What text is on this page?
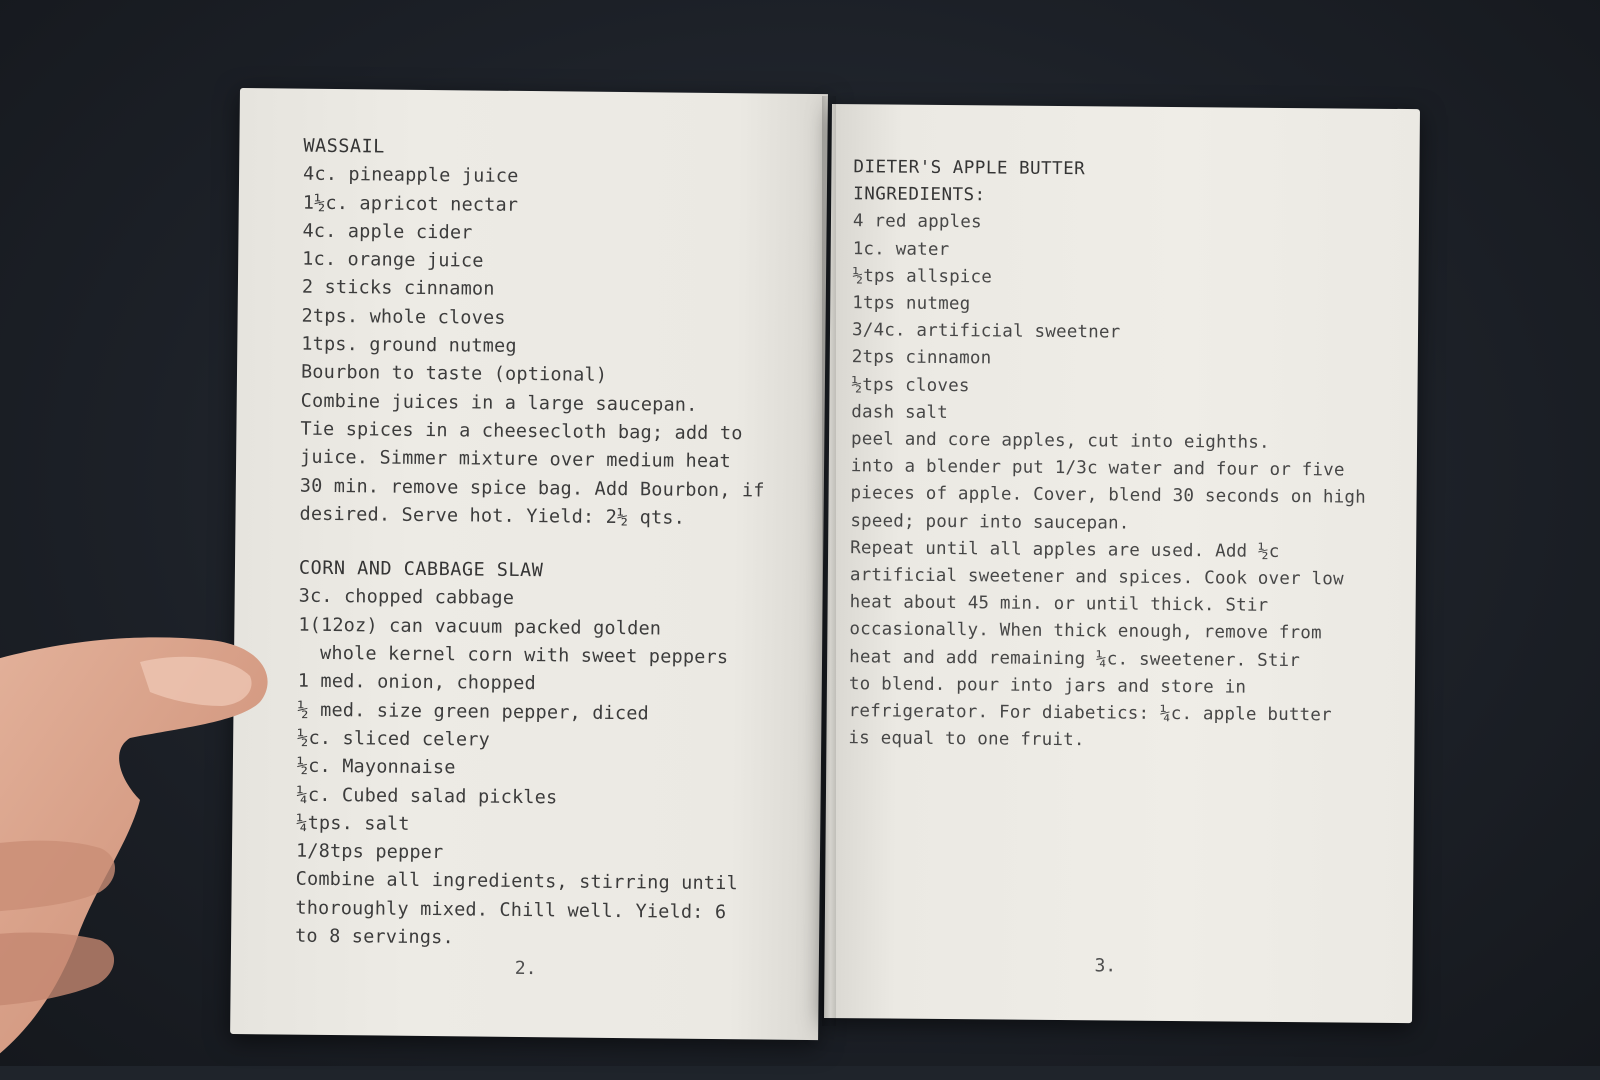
WASSAIL
4c. pineapple juice
1½c. apricot nectar
4c. apple cider
1c. orange juice
2 sticks cinnamon
2tps. whole cloves
1tps. ground nutmeg
Bourbon to taste (optional)
Combine juices in a large saucepan.
Tie spices in a cheesecloth bag; add to
juice. Simmer mixture over medium heat
30 min. remove spice bag. Add Bourbon, if
desired. Serve hot. Yield: 2½ qts.
CORN AND CABBAGE SLAW
3c. chopped cabbage
1(12oz) can vacuum packed golden
whole kernel corn with sweet peppers
1 med. onion, chopped
½ med. size green pepper, diced
½c. sliced celery
½c. Mayonnaise
¼c. Cubed salad pickles
¼tps. salt
1/8tps pepper
Combine all ingredients, stirring until
thoroughly mixed. Chill well. Yield: 6
to 8 servings.
2.
DIETER'S APPLE BUTTER
INGREDIENTS:
4 red apples
1c. water
½tps allspice
1tps nutmeg
3/4c. artificial sweetner
2tps cinnamon
½tps cloves
dash salt
peel and core apples, cut into eighths.
into a blender put 1/3c water and four or five
pieces of apple. Cover, blend 30 seconds on high
speed; pour into saucepan.
Repeat until all apples are used. Add ½c
artificial sweetener and spices. Cook over low
heat about 45 min. or until thick. Stir
occasionally. When thick enough, remove from
heat and add remaining ¼c. sweetener. Stir
to blend. pour into jars and store in
refrigerator. For diabetics: ¼c. apple butter
is equal to one fruit.
3.
